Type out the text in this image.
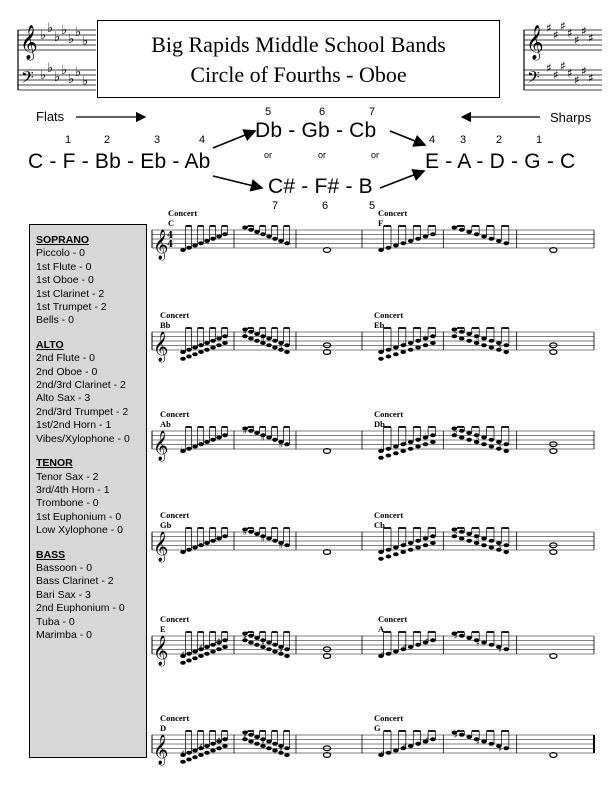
Big Rapids Middle School Bands
Circle of Fourths - Oboe
𝄞
𝄢
♭ ♭
♭ ♭
♭ ♭
♭
♭ ♭
♭ ♭
♭ ♭
♭
𝄞
𝄢
♯ ♯
♯ ♯ ♯
♯ ♯
♯ ♯
♯ ♯ ♯
♯ ♯
Flats	Sharps
1	2	3	4
C - F - Bb - Eb - Ab
5	6	7
Db - Gb - Cb
or	or	or
C# - F# - B
7	6	5
4	3	2	1
E - A - D - G - C
SOPRANO
Piccolo - 0
1st Flute - 0
1st Oboe - 0
1st Clarinet - 2
1st Trumpet - 2
Bells - 0
ALTO
2nd Flute - 0
2nd Oboe - 0
2nd/3rd Clarinet - 2
Alto Sax - 3
2nd/3rd Trumpet - 2
1st/2nd Horn - 1
Vibes/Xylophone - 0
TENOR
Tenor Sax - 2
3rd/4th Horn - 1
Trombone - 0
1st Euphonium - 0
Low Xylophone - 0
BASS
Bassoon - 0
Bass Clarinet - 2
Bari Sax - 3
2nd Euphonium - 0
Tuba - 0
Marimba - 0
Concert C
Concert F
𝄞
4
4
Concert Bb
Concert Eb
𝄞 ♭
♭
♭	♭
♭
♭	♭
♭
♭	♭
♭
♭
Concert Ab
Concert Db
𝄞 ♭
♭
♭	♭
♭
♭	♭
♭
♭	♭
♭
♭
Concert Gb
Concert Cb
𝄞 ♭
♭
♭	♭
♭
♭	♭
♭
♭	♭
♭
♭
Concert E
Concert A
𝄞 ♯
♯
♯	♯
♯
♯	♯
♯
♯	♯
♯
♯
Concert D
Concert G
𝄞 ♯
♯
♯	♯
♯
♯	♯
♯
♯	♯
♯
♯
